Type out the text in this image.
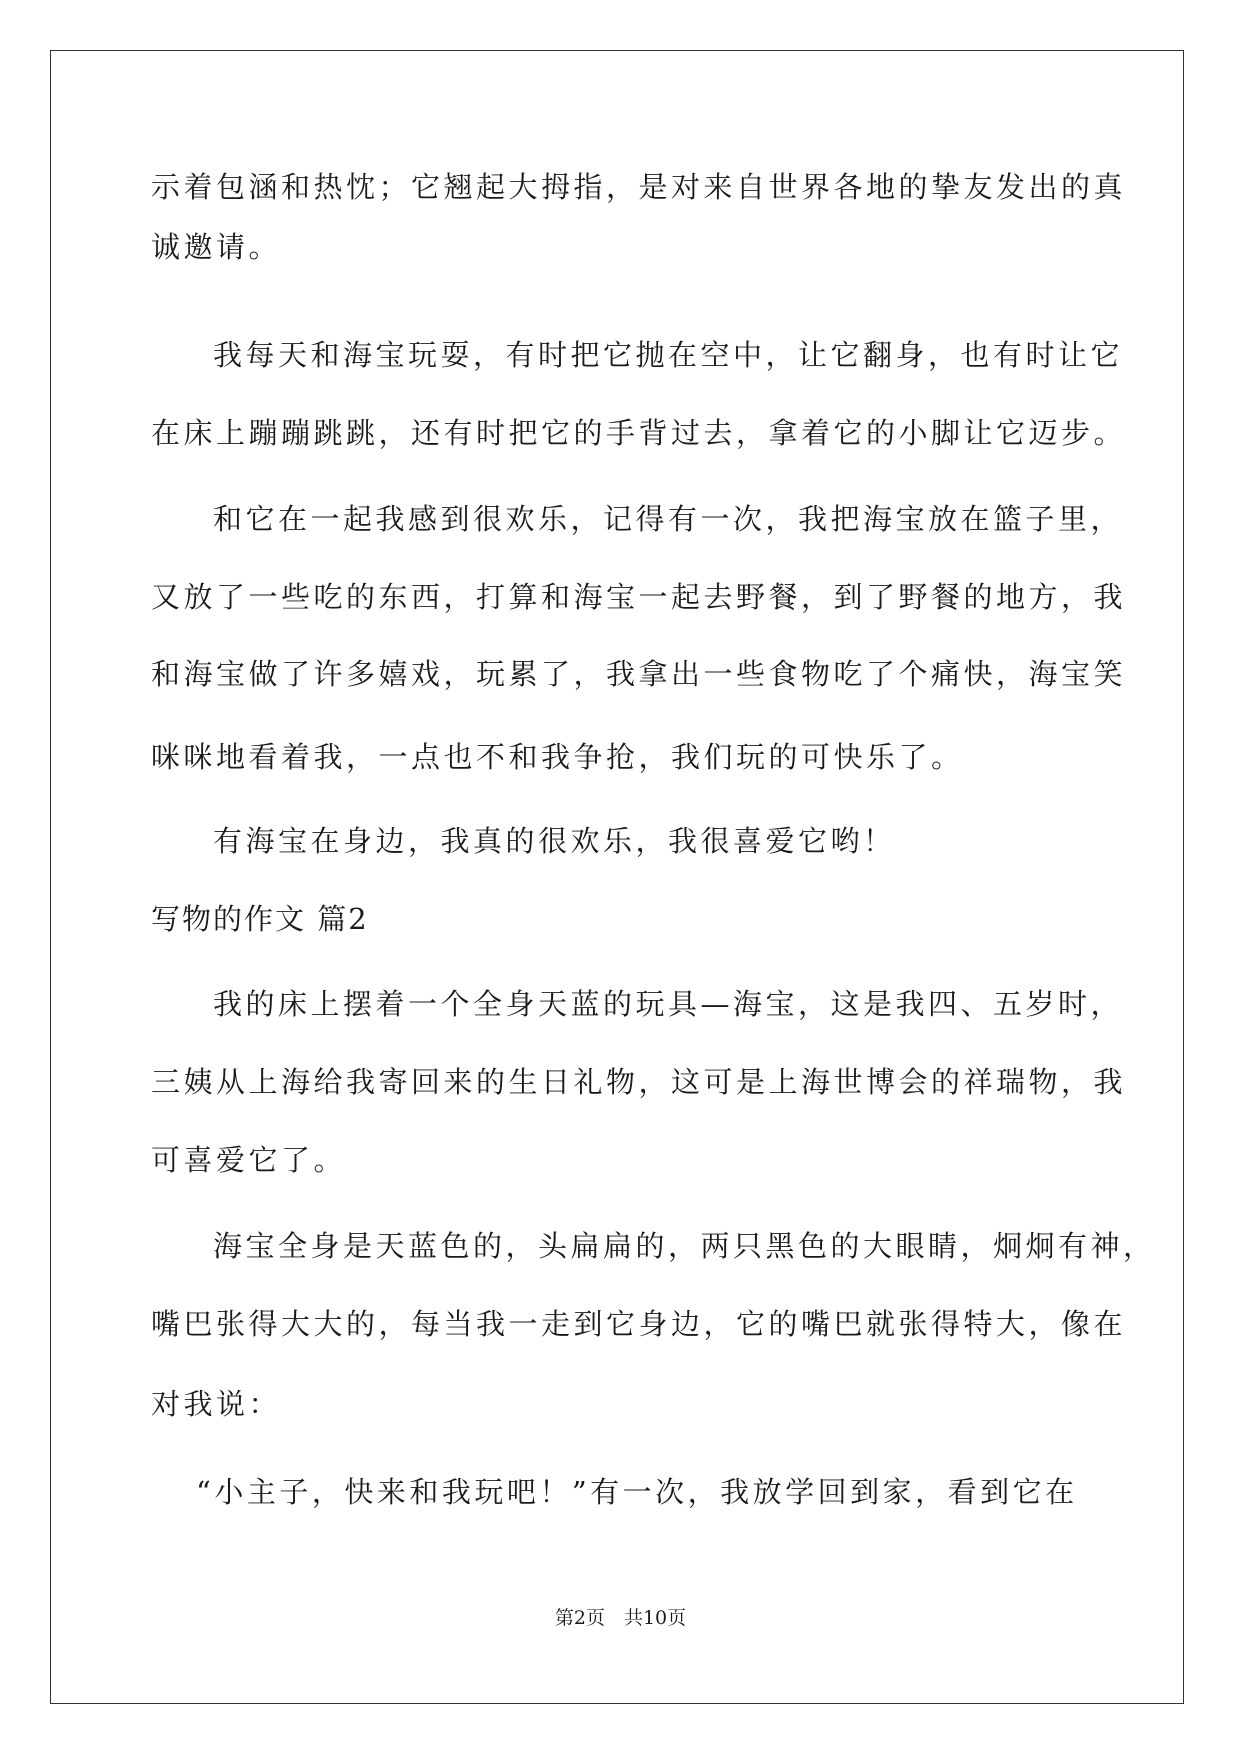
示着包涵和热忱；它翘起大拇指，是对来自世界各地的挚友发出的真
诚邀请。
我每天和海宝玩耍，有时把它抛在空中，让它翻身，也有时让它
在床上蹦蹦跳跳，还有时把它的手背过去，拿着它的小脚让它迈步。
和它在一起我感到很欢乐，记得有一次，我把海宝放在篮子里，
又放了一些吃的东西，打算和海宝一起去野餐，到了野餐的地方，我
和海宝做了许多嬉戏，玩累了，我拿出一些食物吃了个痛快，海宝笑
咪咪地看着我，一点也不和我争抢，我们玩的可快乐了。
有海宝在身边，我真的很欢乐，我很喜爱它哟！
写物的作文 篇2
我的床上摆着一个全身天蓝的玩具—海宝，这是我四、五岁时，
三姨从上海给我寄回来的生日礼物，这可是上海世博会的祥瑞物，我
可喜爱它了。
海宝全身是天蓝色的，头扁扁的，两只黑色的大眼睛，炯炯有神，
嘴巴张得大大的，每当我一走到它身边，它的嘴巴就张得特大，像在
对我说：
“小主子，快来和我玩吧！”有一次，我放学回到家，看到它在
第2页　共10页
